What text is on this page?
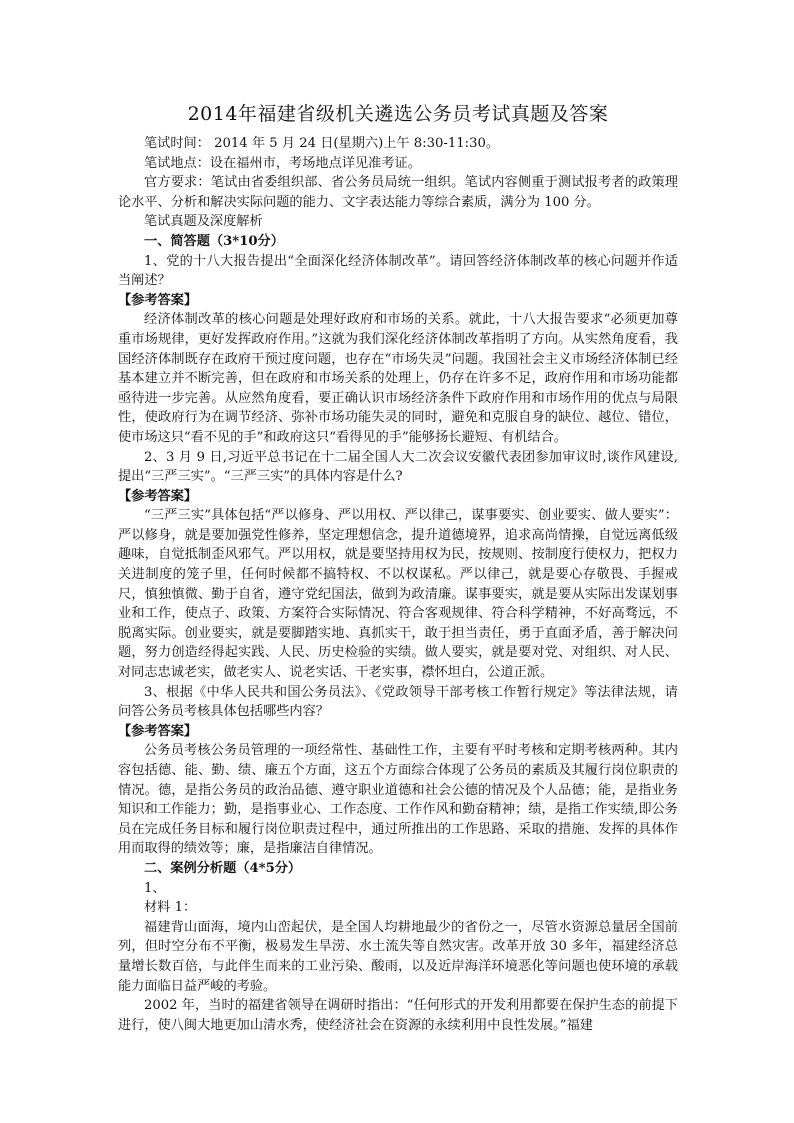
2014年福建省级机关遴选公务员考试真题及答案

笔试时间： 2014 年 5 月 24 日(星期六)上午 8:30-11:30。

笔试地点：设在福州市，考场地点详见准考证。

官方要求：笔试由省委组织部、省公务员局统一组织。笔试内容侧重于测试报考者的政策理论水平、分析和解决实际问题的能力、文字表达能力等综合素质，满分为 100 分。

笔试真题及深度解析

一、简答题（3*10分）

1、党的十八大报告提出“全面深化经济体制改革”。请回答经济体制改革的核心问题并作适当阐述？

【参考答案】

经济体制改革的核心问题是处理好政府和市场的关系。就此，十八大报告要求“必须更加尊重市场规律，更好发挥政府作用。”这就为我们深化经济体制改革指明了方向。从实然角度看，我国经济体制既存在政府干预过度问题，也存在“市场失灵”问题。我国社会主义市场经济体制已经基本建立并不断完善，但在政府和市场关系的处理上，仍存在许多不足，政府作用和市场功能都亟待进一步完善。从应然角度看，要正确认识市场经济条件下政府作用和市场作用的优点与局限性，使政府行为在调节经济、弥补市场功能失灵的同时，避免和克服自身的缺位、越位、错位，使市场这只“看不见的手”和政府这只“看得见的手”能够扬长避短、有机结合。

2、3 月 9 日,习近平总书记在十二届全国人大二次会议安徽代表团参加审议时,谈作风建设,提出“三严三实”。“三严三实”的具体内容是什么?

【参考答案】

“三严三实”具体包括“严以修身、严以用权、严以律己，谋事要实、创业要实、做人要实”：严以修身，就是要加强党性修养，坚定理想信念，提升道德境界，追求高尚情操，自觉远离低级趣味，自觉抵制歪风邪气。严以用权，就是要坚持用权为民，按规则、按制度行使权力，把权力关进制度的笼子里，任何时候都不搞特权、不以权谋私。严以律己，就是要心存敬畏、手握戒尺，慎独慎微、勤于自省，遵守党纪国法，做到为政清廉。谋事要实，就是要从实际出发谋划事业和工作，使点子、政策、方案符合实际情况、符合客观规律、符合科学精神，不好高骛远，不脱离实际。创业要实，就是要脚踏实地、真抓实干，敢于担当责任，勇于直面矛盾，善于解决问题，努力创造经得起实践、人民、历史检验的实绩。做人要实，就是要对党、对组织、对人民、对同志忠诚老实，做老实人、说老实话、干老实事，襟怀坦白，公道正派。

3、根据《中华人民共和国公务员法》、《党政领导干部考核工作暂行规定》等法律法规，请问答公务员考核具体包括哪些内容？

【参考答案】

公务员考核公务员管理的一项经常性、基础性工作，主要有平时考核和定期考核两种。其内容包括德、能、勤、绩、廉五个方面，这五个方面综合体现了公务员的素质及其履行岗位职责的情况。德，是指公务员的政治品德、遵守职业道德和社会公德的情况及个人品德；能，是指业务知识和工作能力；勤，是指事业心、工作态度、工作作风和勤奋精神；绩，是指工作实绩,即公务员在完成任务目标和履行岗位职责过程中，通过所推出的工作思路、采取的措施、发挥的具体作用而取得的绩效等；廉，是指廉洁自律情况。

二、案例分析题（4*5分）

1、

材料 1：

福建背山面海，境内山峦起伏，是全国人均耕地最少的省份之一，尽管水资源总量居全国前列，但时空分布不平衡，极易发生旱涝、水土流失等自然灾害。改革开放 30 多年，福建经济总量增长数百倍，与此伴生而来的工业污染、酸雨，以及近岸海洋环境恶化等问题也使环境的承载能力面临日益严峻的考验。

2002 年，当时的福建省领导在调研时指出：“任何形式的开发利用都要在保护生态的前提下进行，使八闽大地更加山清水秀，使经济社会在资源的永续利用中良性发展。”福建
